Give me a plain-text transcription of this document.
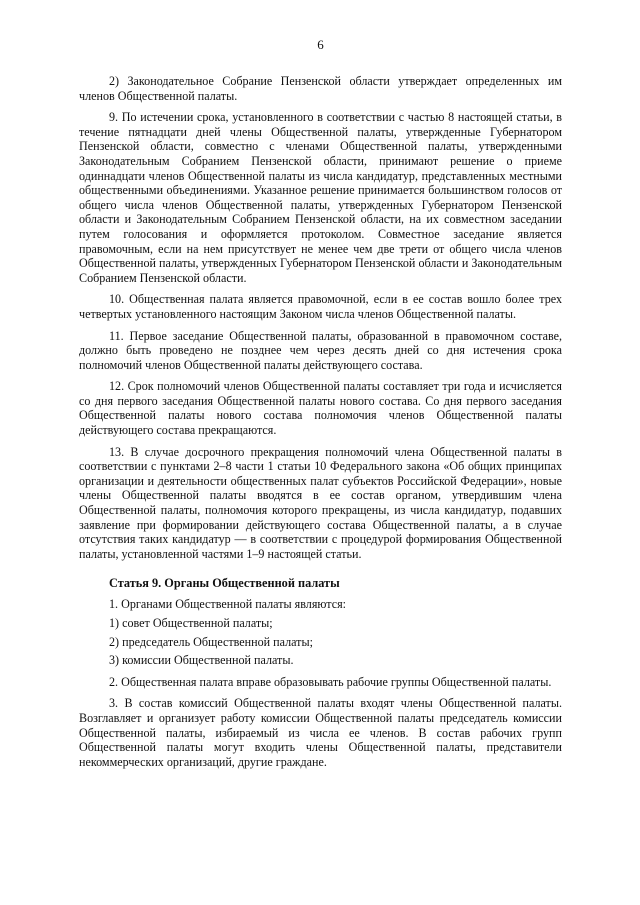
6

2) Законодательное Собрание Пензенской области утверждает определенных им членов Общественной палаты.

9. По истечении срока, установленного в соответствии с частью 8 настоящей статьи, в течение пятнадцати дней члены Общественной палаты, утвержденные Губернатором Пензенской области, совместно с членами Общественной палаты, утвержденными Законодательным Собранием Пензенской области, принимают решение о приеме одиннадцати членов Общественной палаты из числа кандидатур, представленных местными общественными объединениями. Указанное решение принимается большинством голосов от общего числа членов Общественной палаты, утвержденных Губернатором Пензенской области и Законодательным Собранием Пензенской области, на их совместном заседании путем голосования и оформляется протоколом. Совместное заседание является правомочным, если на нем присутствует не менее чем две трети от общего числа членов Общественной палаты, утвержденных Губернатором Пензенской области и Законодательным Собранием Пензенской области.

10. Общественная палата является правомочной, если в ее состав вошло более трех четвертых установленного настоящим Законом числа членов Общественной палаты.

11. Первое заседание Общественной палаты, образованной в правомочном составе, должно быть проведено не позднее чем через десять дней со дня истечения срока полномочий членов Общественной палаты действующего состава.

12. Срок полномочий членов Общественной палаты составляет три года и исчисляется со дня первого заседания Общественной палаты нового состава. Со дня первого заседания Общественной палаты нового состава полномочия членов Общественной палаты действующего состава прекращаются.

13. В случае досрочного прекращения полномочий члена Общественной палаты в соответствии с пунктами 2–8 части 1 статьи 10 Федерального закона «Об общих принципах организации и деятельности общественных палат субъектов Российской Федерации», новые члены Общественной палаты вводятся в ее состав органом, утвердившим члена Общественной палаты, полномочия которого прекращены, из числа кандидатур, подавших заявление при формировании действующего состава Общественной палаты, а в случае отсутствия таких кандидатур — в соответствии с процедурой формирования Общественной палаты, установленной частями 1–9 настоящей статьи.

Статья 9. Органы Общественной палаты

1. Органами Общественной палаты являются:

1) совет Общественной палаты;

2) председатель Общественной палаты;

3) комиссии Общественной палаты.

2. Общественная палата вправе образовывать рабочие группы Общественной палаты.

3. В состав комиссий Общественной палаты входят члены Общественной палаты. Возглавляет и организует работу комиссии Общественной палаты председатель комиссии Общественной палаты, избираемый из числа ее членов. В состав рабочих групп Общественной палаты могут входить члены Общественной палаты, представители некоммерческих организаций, другие граждане.
